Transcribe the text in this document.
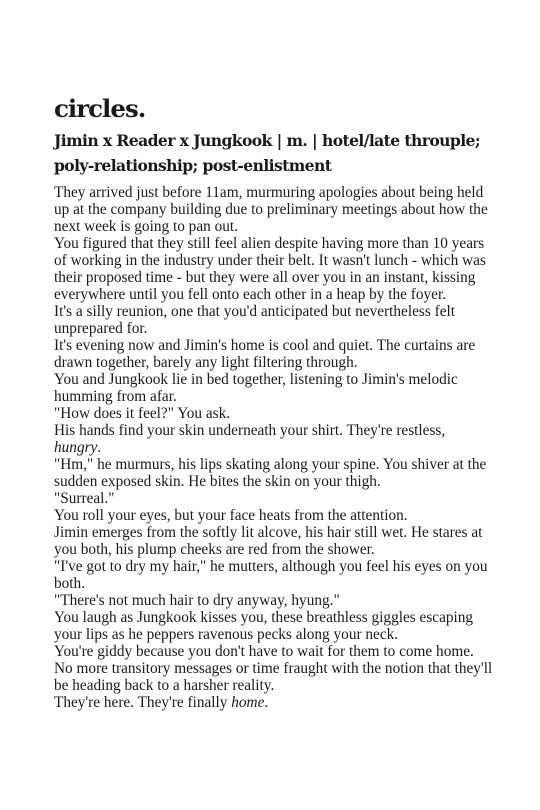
circles.
Jimin x Reader x Jungkook | m. | hotel/late throuple; poly-relationship; post-enlistment

They arrived just before 11am, murmuring apologies about being held up at the company building due to preliminary meetings about how the next week is going to pan out.

You figured that they still feel alien despite having more than 10 years of working in the industry under their belt. It wasn't lunch - which was their proposed time - but they were all over you in an instant, kissing everywhere until you fell onto each other in a heap by the foyer.

It's a silly reunion, one that you'd anticipated but nevertheless felt unprepared for.

It's evening now and Jimin's home is cool and quiet. The curtains are drawn together, barely any light filtering through.

You and Jungkook lie in bed together, listening to Jimin's melodic humming from afar.

"How does it feel?" You ask.

His hands find your skin underneath your shirt. They're restless, hungry.

"Hm," he murmurs, his lips skating along your spine. You shiver at the sudden exposed skin. He bites the skin on your thigh.

"Surreal."

You roll your eyes, but your face heats from the attention.

Jimin emerges from the softly lit alcove, his hair still wet. He stares at you both, his plump cheeks are red from the shower.

"I've got to dry my hair," he mutters, although you feel his eyes on you both.

"There's not much hair to dry anyway, hyung."

You laugh as Jungkook kisses you, these breathless giggles escaping your lips as he peppers ravenous pecks along your neck.

You're giddy because you don't have to wait for them to come home. No more transitory messages or time fraught with the notion that they'll be heading back to a harsher reality.

They're here. They're finally home.
